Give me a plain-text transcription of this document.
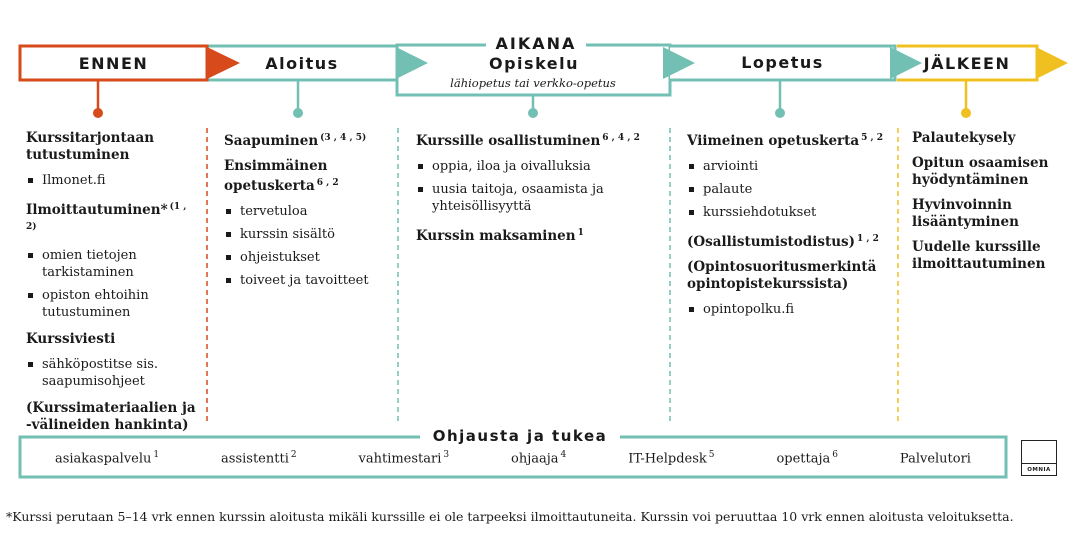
ENNEN	Aloitus
AIKANA
Opiskelu
lähiopetus tai verkko-opetus
Lopetus	JÄLKEEN
Kurssitarjontaan tutustuminen
Ilmonet.fi
Ilmoittautuminen* $^{(1 , 2)}$
omien tietojen tarkistaminen
opiston ehtoihin tutustuminen
Kurssiviesti
sähköpostitse sis. saapumisohjeet
(Kurssimateriaalien ja -välineiden hankinta)
Saapuminen $^{(3 , 4 , 5)}$
Ensimmäinen opetuskerta $^{6 , 2}$
tervetuloa
kurssin sisältö
ohjeistukset
toiveet ja tavoitteet
Kurssille osallistuminen $^{6 , 4 , 2}$
oppia, iloa ja oivalluksia
uusia taitoja, osaamista ja yhteisöllisyyttä
Kurssin maksaminen $^1$
Viimeinen opetuskerta $^{5 , 2}$
arviointi
palaute
kurssiehdotukset
(Osallistumistodistus) $^{1 , 2}$
(Opintosuoritusmerkintä opintopistekurssista)
opintopolku.fi
Palautekysely
Opitun osaamisen hyödyntäminen
Hyvinvoinnin lisääntyminen
Uudelle kurssille ilmoittautuminen
Ohjausta ja tukea
asiakaspalvelu $^1$	assistentti $^2$	vahtimestari $^3$	ohjaaja $^4$	IT-Helpdesk $^5$	opettaja $^6$	Palvelutori
OMNIA
*Kurssi perutaan 5–14 vrk ennen kurssin aloitusta mikäli kurssille ei ole tarpeeksi ilmoittautuneita. Kurssin voi peruuttaa 10 vrk ennen aloitusta veloituksetta.
